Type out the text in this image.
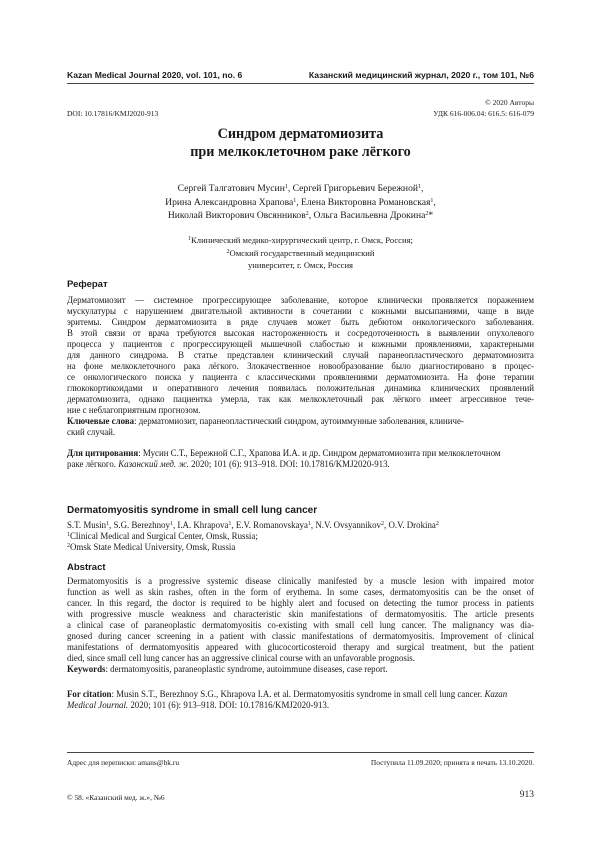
Kazan Medical Journal 2020, vol. 101, no. 6	Казанский медицинский журнал, 2020 г., том 101, №6
© 2020 Авторы
DOI: 10.17816/KMJ2020-913	УДК 616-006.04: 616.5: 616-079
Синдром дерматомиозита
при мелкоклеточном раке лёгкого

Сергей Талгатович Мусин$^1$, Сергей Григорьевич Бережной$^1$,

Ирина Александровна Храпова$^1$, Елена Викторовна Романовская$^1$,

Николай Викторович Овсянников$^2$, Ольга Васильевна Дрокина$^2$*

$^1$Клинический медико-хирургический центр, г. Омск, Россия;

$^2$Омский государственный медицинский

университет, г. Омск, Россия

Реферат

Дерматомиозит — системное прогрессирующее заболевание, которое клинически проявляется поражением

мускулатуры с нарушением двигательной активности в сочетании с кожными высыпаниями, чаще в виде

эритемы. Синдром дерматомиозита в ряде случаев может быть дебютом онкологического заболевания.

В этой связи от врача требуются высокая настороженность и сосредоточенность в выявлении опухолевого

процесса у пациентов с прогрессирующей мышечной слабостью и кожными проявлениями, характерными

для данного синдрома. В статье представлен клинический случай паранеопластического дерматомиозита

на фоне мелкоклеточного рака лёгкого. Злокачественное новообразование было диагностировано в процес-

се онкологического поиска у пациента с классическими проявлениями дерматомиозита. На фоне терапии

глюкокортикоидами и оперативного лечения появилась положительная динамика клинических проявлений

дерматомиозита, однако пациентка умерла, так как мелкоклеточный рак лёгкого имеет агрессивное тече-

ние с неблагоприятным прогнозом.

Ключевые слова: дерматомиозит, паранеопластический синдром, аутоиммунные заболевания, клиниче-

ский случай.

Для цитирования: Мусин С.Т., Бережной С.Г., Храпова И.А. и др. Синдром дерматомиозита при мелкоклеточном

раке лёгкого. Казанский мед. ж. 2020; 101 (6): 913–918. DOI: 10.17816/KMJ2020-913.

Dermatomyositis syndrome in small cell lung cancer

S.T. Musin$^1$, S.G. Berezhnoy$^1$, I.A. Khrapova$^1$, E.V. Romanovskaya$^1$, N.V. Ovsyannikov$^2$, O.V. Drokina$^2$

$^1$Clinical Medical and Surgical Center, Omsk, Russia;

$^2$Omsk State Medical University, Omsk, Russia

Abstract

Dermatomyositis is a progressive systemic disease clinically manifested by a muscle lesion with impaired motor

function as well as skin rashes, often in the form of erythema. In some cases, dermatomyositis can be the onset of

cancer. In this regard, the doctor is required to be highly alert and focused on detecting the tumor process in patients

with progressive muscle weakness and characteristic skin manifestations of dermatomyositis. The article presents

a clinical case of paraneoplastic dermatomyositis co-existing with small cell lung cancer. The malignancy was dia-

gnosed during cancer screening in a patient with classic manifestations of dermatomyositis. Improvement of clinical

manifestations of dermatomyositis appeared with glucocorticosteroid therapy and surgical treatment, but the patient

died, since small cell lung cancer has an aggressive clinical course with an unfavorable prognosis.

Keywords: dermatomyositis, paraneoplastic syndrome, autoimmune diseases, case report.

For citation: Musin S.T., Berezhnoy S.G., Khrapova I.A. et al. Dermatomyositis syndrome in small cell lung cancer. Kazan

Medical Journal. 2020; 101 (6): 913–918. DOI: 10.17816/KMJ2020-913.

Адрес для переписки: amans@bk.ru	Поступила 11.09.2020; принята в печать 13.10.2020.
© 58. «Казанский мед. ж.», №6	913
